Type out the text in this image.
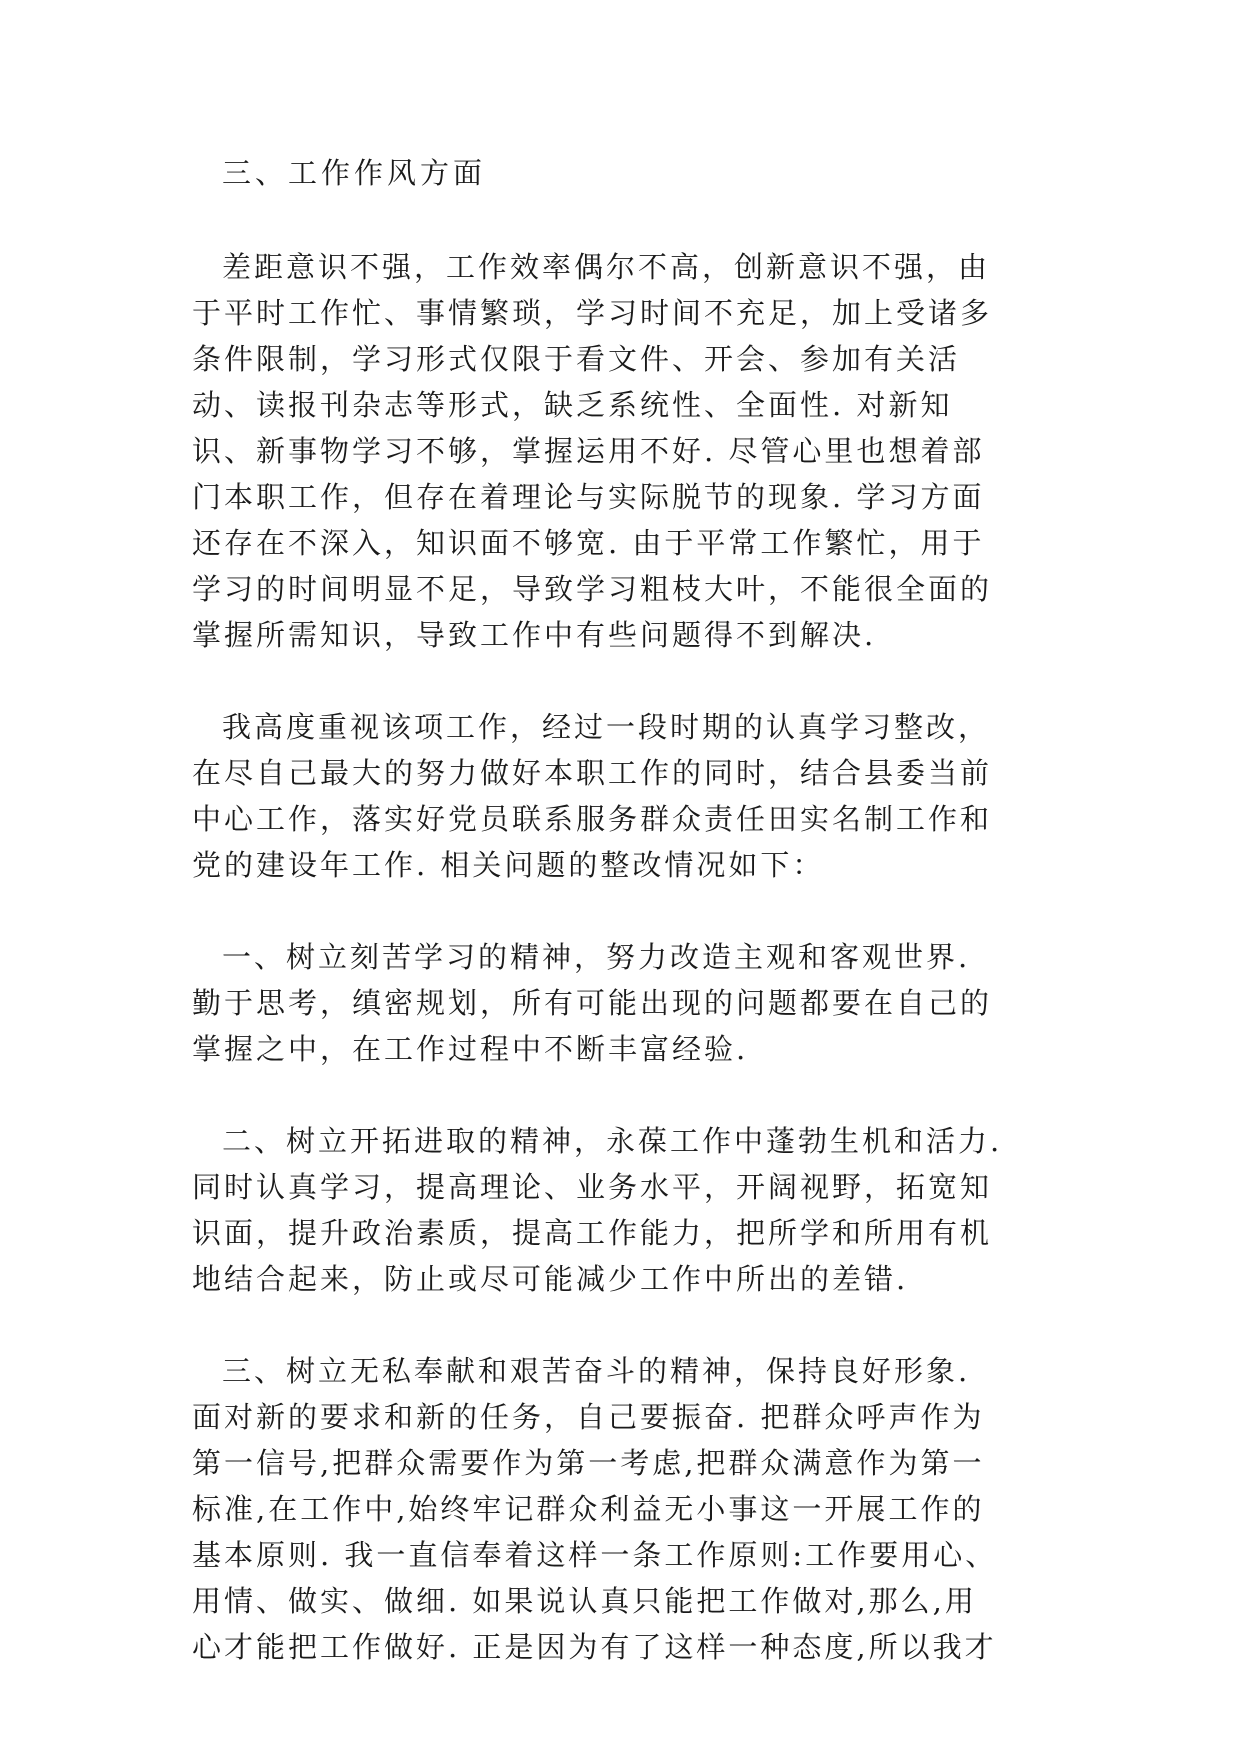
三、工作作风方面
差距意识不强，工作效率偶尔不高，创新意识不强，由
于平时工作忙、事情繁琐，学习时间不充足，加上受诸多
条件限制，学习形式仅限于看文件、开会、参加有关活
动、读报刊杂志等形式，缺乏系统性、全面性. 对新知
识、新事物学习不够，掌握运用不好. 尽管心里也想着部
门本职工作，但存在着理论与实际脱节的现象. 学习方面
还存在不深入，知识面不够宽. 由于平常工作繁忙，用于
学习的时间明显不足，导致学习粗枝大叶，不能很全面的
掌握所需知识，导致工作中有些问题得不到解决.
我高度重视该项工作，经过一段时期的认真学习整改，
在尽自己最大的努力做好本职工作的同时，结合县委当前
中心工作，落实好党员联系服务群众责任田实名制工作和
党的建设年工作. 相关问题的整改情况如下：
一、树立刻苦学习的精神，努力改造主观和客观世界.
勤于思考，缜密规划，所有可能出现的问题都要在自己的
掌握之中，在工作过程中不断丰富经验.
二、树立开拓进取的精神，永葆工作中蓬勃生机和活力.
同时认真学习，提高理论、业务水平，开阔视野，拓宽知
识面，提升政治素质，提高工作能力，把所学和所用有机
地结合起来，防止或尽可能减少工作中所出的差错.
三、树立无私奉献和艰苦奋斗的精神，保持良好形象.
面对新的要求和新的任务，自己要振奋. 把群众呼声作为
第一信号,把群众需要作为第一考虑,把群众满意作为第一
标准,在工作中,始终牢记群众利益无小事这一开展工作的
基本原则. 我一直信奉着这样一条工作原则:工作要用心、
用情、做实、做细. 如果说认真只能把工作做对,那么,用
心才能把工作做好. 正是因为有了这样一种态度,所以我才
